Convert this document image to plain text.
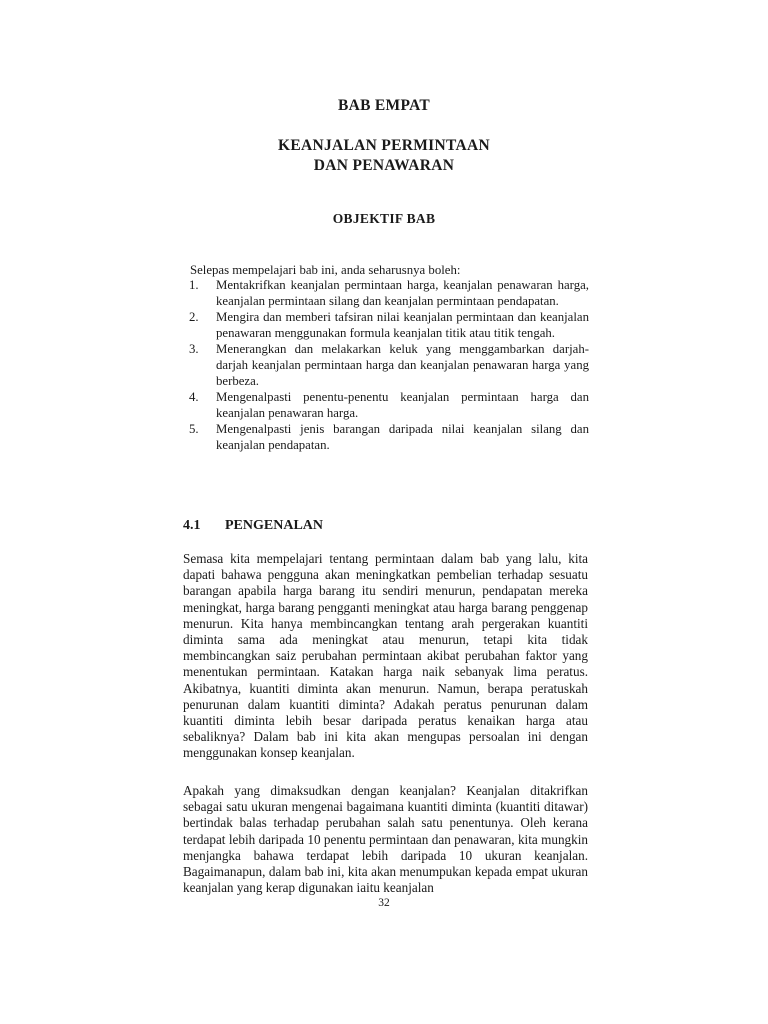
BAB EMPAT
KEANJALAN PERMINTAAN
DAN PENAWARAN
OBJEKTIF BAB
Selepas mempelajari bab ini, anda seharusnya boleh:
1. Mentakrifkan keanjalan permintaan harga, keanjalan penawaran harga, keanjalan permintaan silang dan keanjalan permintaan pendapatan.
2. Mengira dan memberi tafsiran nilai keanjalan permintaan dan keanjalan penawaran menggunakan formula keanjalan titik atau titik tengah.
3. Menerangkan dan melakarkan keluk yang menggambarkan darjah-darjah keanjalan permintaan harga dan keanjalan penawaran harga yang berbeza.
4. Mengenalpasti penentu-penentu keanjalan permintaan harga dan keanjalan penawaran harga.
5. Mengenalpasti jenis barangan daripada nilai keanjalan silang dan keanjalan pendapatan.
4.1 PENGENALAN

Semasa kita mempelajari tentang permintaan dalam bab yang lalu, kita dapati bahawa pengguna akan meningkatkan pembelian terhadap sesuatu barangan apabila harga barang itu sendiri menurun, pendapatan mereka meningkat, harga barang pengganti meningkat atau harga barang penggenap menurun. Kita hanya membincangkan tentang arah pergerakan kuantiti diminta sama ada meningkat atau menurun, tetapi kita tidak membincangkan saiz perubahan permintaan akibat perubahan faktor yang menentukan permintaan. Katakan harga naik sebanyak lima peratus. Akibatnya, kuantiti diminta akan menurun. Namun, berapa peratuskah penurunan dalam kuantiti diminta? Adakah peratus penurunan dalam kuantiti diminta lebih besar daripada peratus kenaikan harga atau sebaliknya? Dalam bab ini kita akan mengupas persoalan ini dengan menggunakan konsep keanjalan.

Apakah yang dimaksudkan dengan keanjalan? Keanjalan ditakrifkan sebagai satu ukuran mengenai bagaimana kuantiti diminta (kuantiti ditawar) bertindak balas terhadap perubahan salah satu penentunya. Oleh kerana terdapat lebih daripada 10 penentu permintaan dan penawaran, kita mungkin menjangka bahawa terdapat lebih daripada 10 ukuran keanjalan. Bagaimanapun, dalam bab ini, kita akan menumpukan kepada empat ukuran keanjalan yang kerap digunakan iaitu keanjalan

32
